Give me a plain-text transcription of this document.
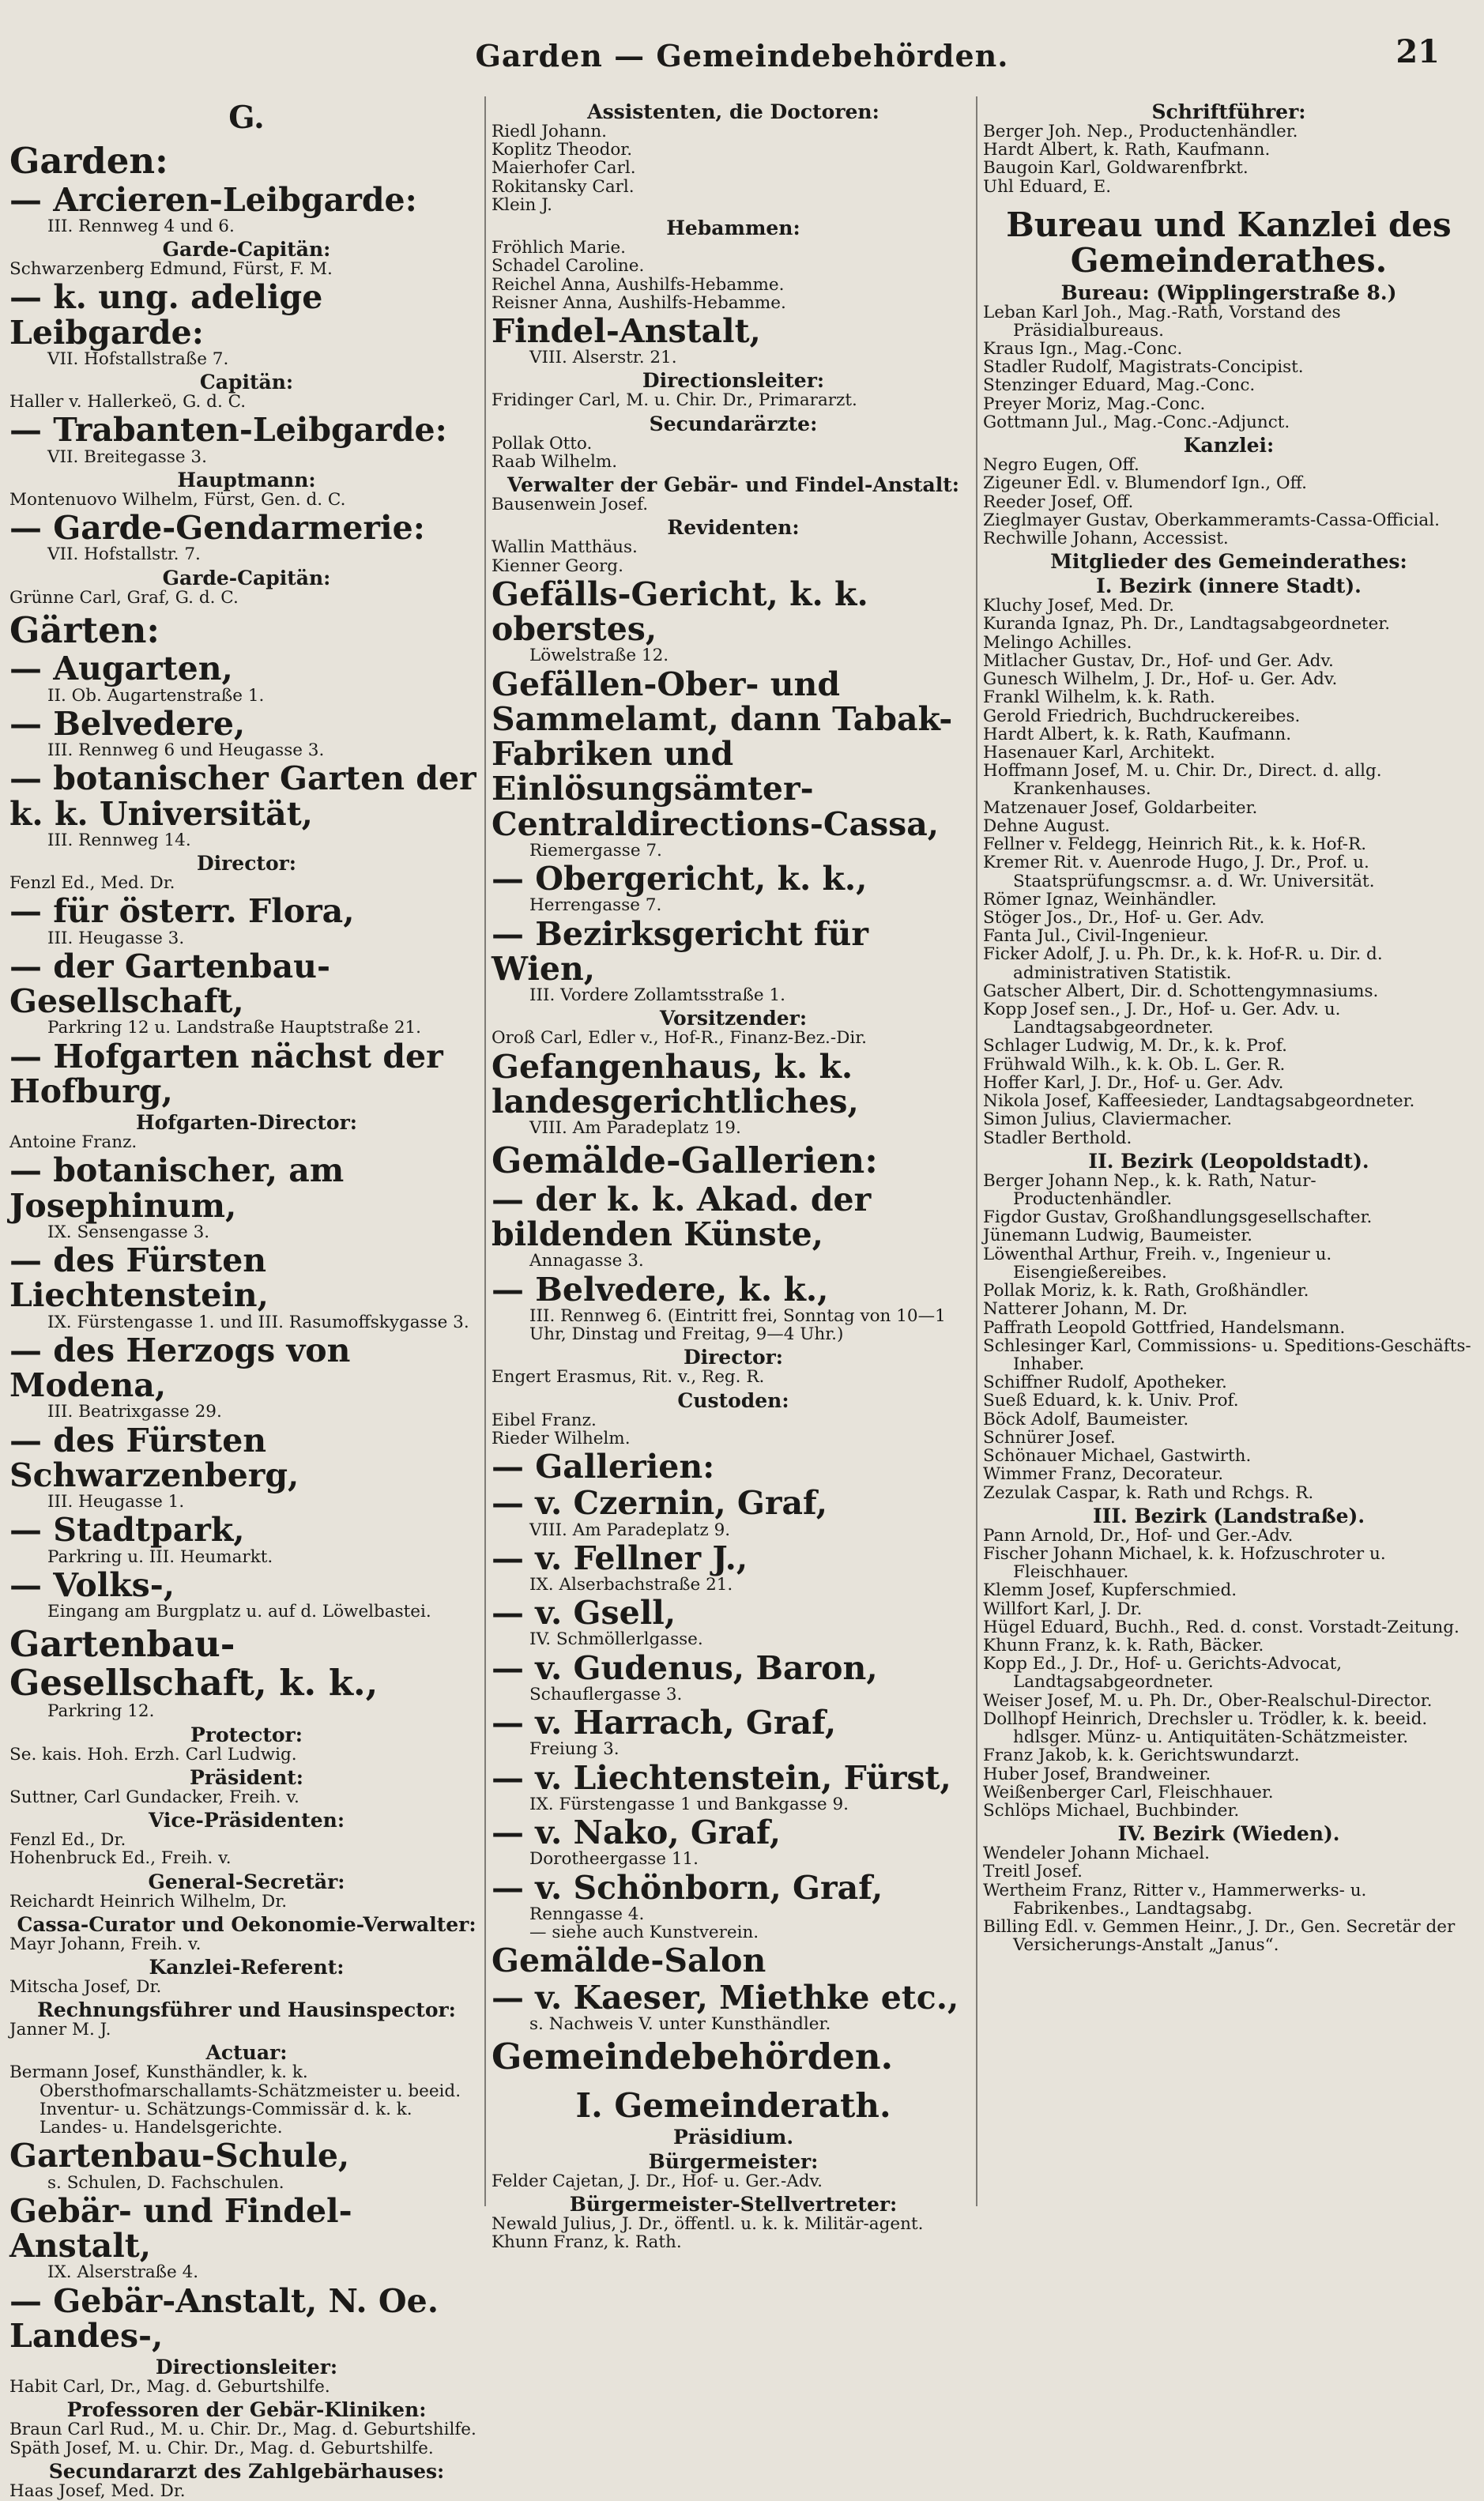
Garden — Gemeindebehörden.	21
G.
Garden:
— Arcieren-Leibgarde:
III. Rennweg 4 und 6.
Garde-Capitän:
Schwarzenberg Edmund, Fürst, F. M.
— k. ung. adelige Leibgarde:
VII. Hofstallstraße 7.
Capitän:
Haller v. Hallerkeö, G. d. C.
— Trabanten-Leibgarde:
VII. Breitegasse 3.
Hauptmann:
Montenuovo Wilhelm, Fürst, Gen. d. C.
— Garde-Gendarmerie:
VII. Hofstallstr. 7.
Garde-Capitän:
Grünne Carl, Graf, G. d. C.
Gärten:
— Augarten,
II. Ob. Augartenstraße 1.
— Belvedere,
III. Rennweg 6 und Heugasse 3.
— botanischer Garten der k. k. Universität,
III. Rennweg 14.
Director:
Fenzl Ed., Med. Dr.
— für österr. Flora,
III. Heugasse 3.
— der Gartenbau-Gesellschaft,
Parkring 12 u. Landstraße Hauptstraße 21.
— Hofgarten nächst der Hofburg,
Hofgarten-Director:
Antoine Franz.
— botanischer, am Josephinum,
IX. Sensengasse 3.
— des Fürsten Liechtenstein,
IX. Fürstengasse 1. und III. Rasumoffskygasse 3.
— des Herzogs von Modena,
III. Beatrixgasse 29.
— des Fürsten Schwarzenberg,
III. Heugasse 1.
— Stadtpark,
Parkring u. III. Heumarkt.
— Volks-,
Eingang am Burgplatz u. auf d. Löwelbastei.
Gartenbau-Gesellschaft, k. k.,
Parkring 12.
Protector:
Se. kais. Hoh. Erzh. Carl Ludwig.
Präsident:
Suttner, Carl Gundacker, Freih. v.
Vice-Präsidenten:
Fenzl Ed., Dr.
Hohenbruck Ed., Freih. v.
General-Secretär:
Reichardt Heinrich Wilhelm, Dr.
Cassa-Curator und Oekonomie-Verwalter:
Mayr Johann, Freih. v.
Kanzlei-Referent:
Mitscha Josef, Dr.
Rechnungsführer und Hausinspector:
Janner M. J.
Actuar:
Bermann Josef, Kunsthändler, k. k. Obersthofmarschallamts-Schätzmeister u. beeid. Inventur- u. Schätzungs-Commissär d. k. k. Landes- u. Handelsgerichte.
Gartenbau-Schule,
s. Schulen, D. Fachschulen.
Gebär- und Findel-Anstalt,
IX. Alserstraße 4.
— Gebär-Anstalt, N. Oe. Landes-,
Directionsleiter:
Habit Carl, Dr., Mag. d. Geburtshilfe.
Professoren der Gebär-Kliniken:
Braun Carl Rud., M. u. Chir. Dr., Mag. d. Geburtshilfe.
Späth Josef, M. u. Chir. Dr., Mag. d. Geburtshilfe.
Secundararzt des Zahlgebärhauses:
Haas Josef, Med. Dr.
Assistenten, die Doctoren:
Riedl Johann.
Koplitz Theodor.
Maierhofer Carl.
Rokitansky Carl.
Klein J.
Hebammen:
Fröhlich Marie.
Schadel Caroline.
Reichel Anna, Aushilfs-Hebamme.
Reisner Anna, Aushilfs-Hebamme.
Findel-Anstalt,
VIII. Alserstr. 21.
Directionsleiter:
Fridinger Carl, M. u. Chir. Dr., Primararzt.
Secundarärzte:
Pollak Otto.
Raab Wilhelm.
Verwalter der Gebär- und Findel-Anstalt:
Bausenwein Josef.
Revidenten:
Wallin Matthäus.
Kienner Georg.
Gefälls-Gericht, k. k. oberstes,
Löwelstraße 12.
Gefällen-Ober- und Sammelamt, dann Tabak-Fabriken und Einlösungsämter-Centraldirections-Cassa,
Riemergasse 7.
— Obergericht, k. k.,
Herrengasse 7.
— Bezirksgericht für Wien,
III. Vordere Zollamtsstraße 1.
Vorsitzender:
Oroß Carl, Edler v., Hof-R., Finanz-Bez.-Dir.
Gefangenhaus, k. k. landesgerichtliches,
VIII. Am Paradeplatz 19.
Gemälde-Gallerien:
— der k. k. Akad. der bildenden Künste,
Annagasse 3.
— Belvedere, k. k.,
III. Rennweg 6. (Eintritt frei, Sonntag von 10—1 Uhr, Dinstag und Freitag, 9—4 Uhr.)
Director:
Engert Erasmus, Rit. v., Reg. R.
Custoden:
Eibel Franz.
Rieder Wilhelm.
— Gallerien:
— v. Czernin, Graf,
VIII. Am Paradeplatz 9.
— v. Fellner J.,
IX. Alserbachstraße 21.
— v. Gsell,
IV. Schmöllerlgasse.
— v. Gudenus, Baron,
Schauflergasse 3.
— v. Harrach, Graf,
Freiung 3.
— v. Liechtenstein, Fürst,
IX. Fürstengasse 1 und Bankgasse 9.
— v. Nako, Graf,
Dorotheergasse 11.
— v. Schönborn, Graf,
Renngasse 4.
— siehe auch Kunstverein.
Gemälde-Salon
— v. Kaeser, Miethke etc.,
s. Nachweis V. unter Kunsthändler.
Gemeindebehörden.
I. Gemeinderath.
Präsidium.
Bürgermeister:
Felder Cajetan, J. Dr., Hof- u. Ger.-Adv.
Bürgermeister-Stellvertreter:
Newald Julius, J. Dr., öffentl. u. k. k. Militär-agent.
Khunn Franz, k. Rath.
Schriftführer:
Berger Joh. Nep., Productenhändler.
Hardt Albert, k. Rath, Kaufmann.
Baugoin Karl, Goldwarenfbrkt.
Uhl Eduard, E.
Bureau und Kanzlei des Gemeinderathes.
Bureau: (Wipplingerstraße 8.)
Leban Karl Joh., Mag.-Rath, Vorstand des Präsidialbureaus.
Kraus Ign., Mag.-Conc.
Stadler Rudolf, Magistrats-Concipist.
Stenzinger Eduard, Mag.-Conc.
Preyer Moriz, Mag.-Conc.
Gottmann Jul., Mag.-Conc.-Adjunct.
Kanzlei:
Negro Eugen, Off.
Zigeuner Edl. v. Blumendorf Ign., Off.
Reeder Josef, Off.
Zieglmayer Gustav, Oberkammeramts-Cassa-Official.
Rechwille Johann, Accessist.
Mitglieder des Gemeinderathes:
I. Bezirk (innere Stadt).
Kluchy Josef, Med. Dr.
Kuranda Ignaz, Ph. Dr., Landtagsabgeordneter.
Melingo Achilles.
Mitlacher Gustav, Dr., Hof- und Ger. Adv.
Gunesch Wilhelm, J. Dr., Hof- u. Ger. Adv.
Frankl Wilhelm, k. k. Rath.
Gerold Friedrich, Buchdruckereibes.
Hardt Albert, k. k. Rath, Kaufmann.
Hasenauer Karl, Architekt.
Hoffmann Josef, M. u. Chir. Dr., Direct. d. allg. Krankenhauses.
Matzenauer Josef, Goldarbeiter.
Dehne August.
Fellner v. Feldegg, Heinrich Rit., k. k. Hof-R.
Kremer Rit. v. Auenrode Hugo, J. Dr., Prof. u. Staatsprüfungscmsr. a. d. Wr. Universität.
Römer Ignaz, Weinhändler.
Stöger Jos., Dr., Hof- u. Ger. Adv.
Fanta Jul., Civil-Ingenieur.
Ficker Adolf, J. u. Ph. Dr., k. k. Hof-R. u. Dir. d. administrativen Statistik.
Gatscher Albert, Dir. d. Schottengymnasiums.
Kopp Josef sen., J. Dr., Hof- u. Ger. Adv. u. Landtagsabgeordneter.
Schlager Ludwig, M. Dr., k. k. Prof.
Frühwald Wilh., k. k. Ob. L. Ger. R.
Hoffer Karl, J. Dr., Hof- u. Ger. Adv.
Nikola Josef, Kaffeesieder, Landtagsabgeordneter.
Simon Julius, Claviermacher.
Stadler Berthold.
II. Bezirk (Leopoldstadt).
Berger Johann Nep., k. k. Rath, Natur-Productenhändler.
Figdor Gustav, Großhandlungsgesellschafter.
Jünemann Ludwig, Baumeister.
Löwenthal Arthur, Freih. v., Ingenieur u. Eisengießereibes.
Pollak Moriz, k. k. Rath, Großhändler.
Natterer Johann, M. Dr.
Paffrath Leopold Gottfried, Handelsmann.
Schlesinger Karl, Commissions- u. Speditions-Geschäfts-Inhaber.
Schiffner Rudolf, Apotheker.
Sueß Eduard, k. k. Univ. Prof.
Böck Adolf, Baumeister.
Schnürer Josef.
Schönauer Michael, Gastwirth.
Wimmer Franz, Decorateur.
Zezulak Caspar, k. Rath und Rchgs. R.
III. Bezirk (Landstraße).
Pann Arnold, Dr., Hof- und Ger.-Adv.
Fischer Johann Michael, k. k. Hofzuschroter u. Fleischhauer.
Klemm Josef, Kupferschmied.
Willfort Karl, J. Dr.
Hügel Eduard, Buchh., Red. d. const. Vorstadt-Zeitung.
Khunn Franz, k. k. Rath, Bäcker.
Kopp Ed., J. Dr., Hof- u. Gerichts-Advocat, Landtagsabgeordneter.
Weiser Josef, M. u. Ph. Dr., Ober-Realschul-Director.
Dollhopf Heinrich, Drechsler u. Trödler, k. k. beeid. hdlsger. Münz- u. Antiquitäten-Schätzmeister.
Franz Jakob, k. k. Gerichtswundarzt.
Huber Josef, Brandweiner.
Weißenberger Carl, Fleischhauer.
Schlöps Michael, Buchbinder.
IV. Bezirk (Wieden).
Wendeler Johann Michael.
Treitl Josef.
Wertheim Franz, Ritter v., Hammerwerks- u. Fabrikenbes., Landtagsabg.
Billing Edl. v. Gemmen Heinr., J. Dr., Gen. Secretär der Versicherungs-Anstalt „Janus“.
